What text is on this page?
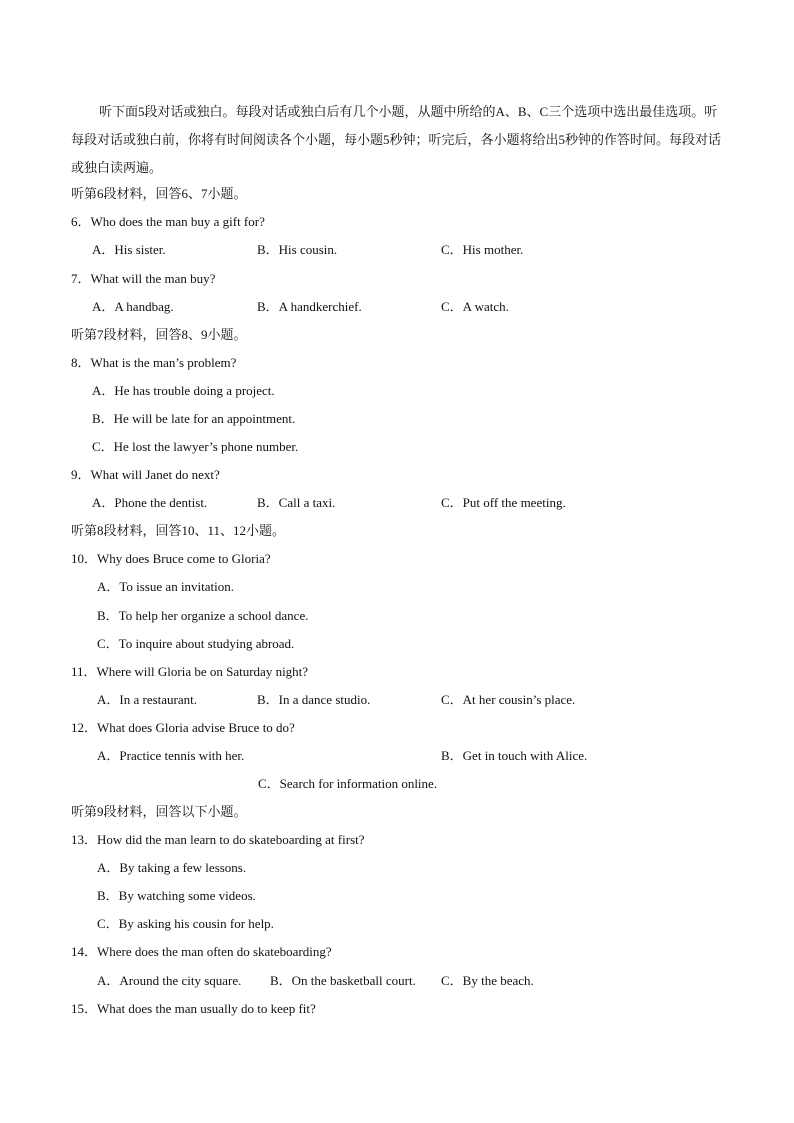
听下面5段对话或独白。每段对话或独白后有几个小题，从题中所给的A、B、C三个选项中选出最佳选项。听每段对话或独白前，你将有时间阅读各个小题，每小题5秒钟；听完后，各小题将给出5秒钟的作答时间。每段对话或独白读两遍。
听第6段材料，回答6、7小题。
6．Who does the man buy a gift for?
A．His sister.	B．His cousin.	C．His mother.
7．What will the man buy?
A．A handbag.	B．A handkerchief.	C．A watch.
听第7段材料，回答8、9小题。
8．What is the man’s problem?
A．He has trouble doing a project.
B．He will be late for an appointment.
C．He lost the lawyer’s phone number.
9．What will Janet do next?
A．Phone the dentist.	B．Call a taxi.	C．Put off the meeting.
听第8段材料，回答10、11、12小题。
10．Why does Bruce come to Gloria?
A．To issue an invitation.
B．To help her organize a school dance.
C．To inquire about studying abroad.
11．Where will Gloria be on Saturday night?
A．In a restaurant.	B．In a dance studio.	C．At her cousin’s place.
12．What does Gloria advise Bruce to do?
A．Practice tennis with her.	B．Get in touch with Alice.
C．Search for information online.
听第9段材料，回答以下小题。
13．How did the man learn to do skateboarding at first?
A．By taking a few lessons.
B．By watching some videos.
C．By asking his cousin for help.
14．Where does the man often do skateboarding?
A．Around the city square. B．On the basketball court. C．By the beach.
15．What does the man usually do to keep fit?
